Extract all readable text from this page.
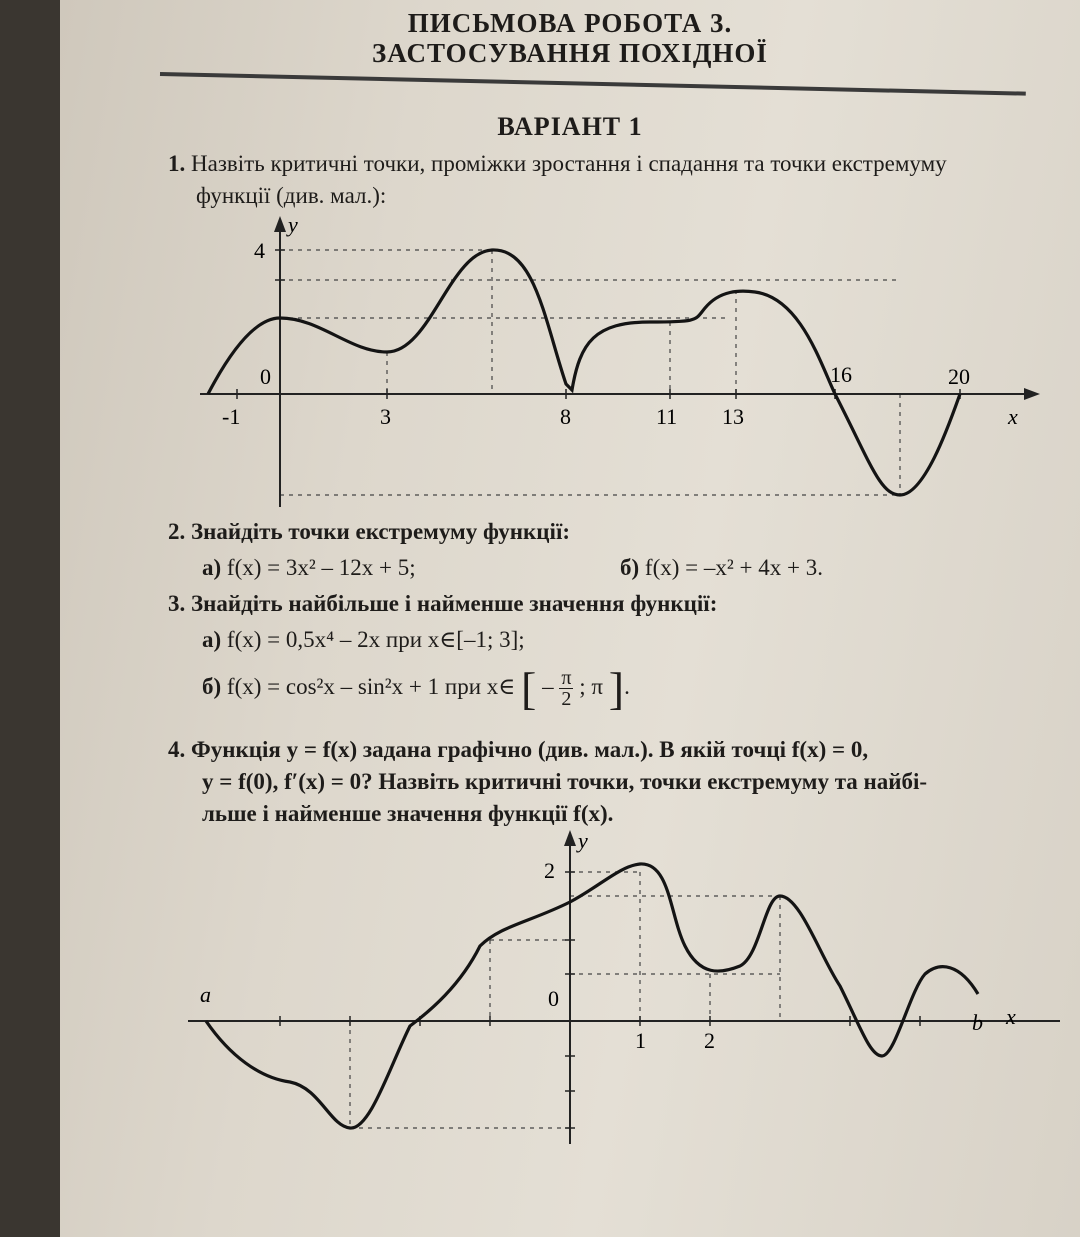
ПИСЬМОВА РОБОТА 3.
ЗАСТОСУВАННЯ ПОХІДНОЇ
ВАРІАНТ 1
1. Назвіть критичні точки, проміжки зростання і спадання та точки екстремуму
функції (див. мал.):
y
x
4
0
-1	3	8	11 13
16	20
2. Знайдіть точки екстремуму функції:
а) f(x) = 3x² – 12x + 5;	б) f(x) = –x² + 4x + 3.
3. Знайдіть найбільше і найменше значення функції:
а) f(x) = 0,5x⁴ – 2x при x∈[–1; 3];
б) f(x) = cos²x – sin²x + 1 при x∈ [ – $\frac{\pi}{2}$ ; π ].
4. Функція y = f(x) задана графічно (див. мал.). В якій точці f(x) = 0,
y = f(0), f′(x) = 0? Назвіть критичні точки, точки екстремуму та найбі-
льше і найменше значення функції f(x).
y
x
2
0
1	2
a
b
